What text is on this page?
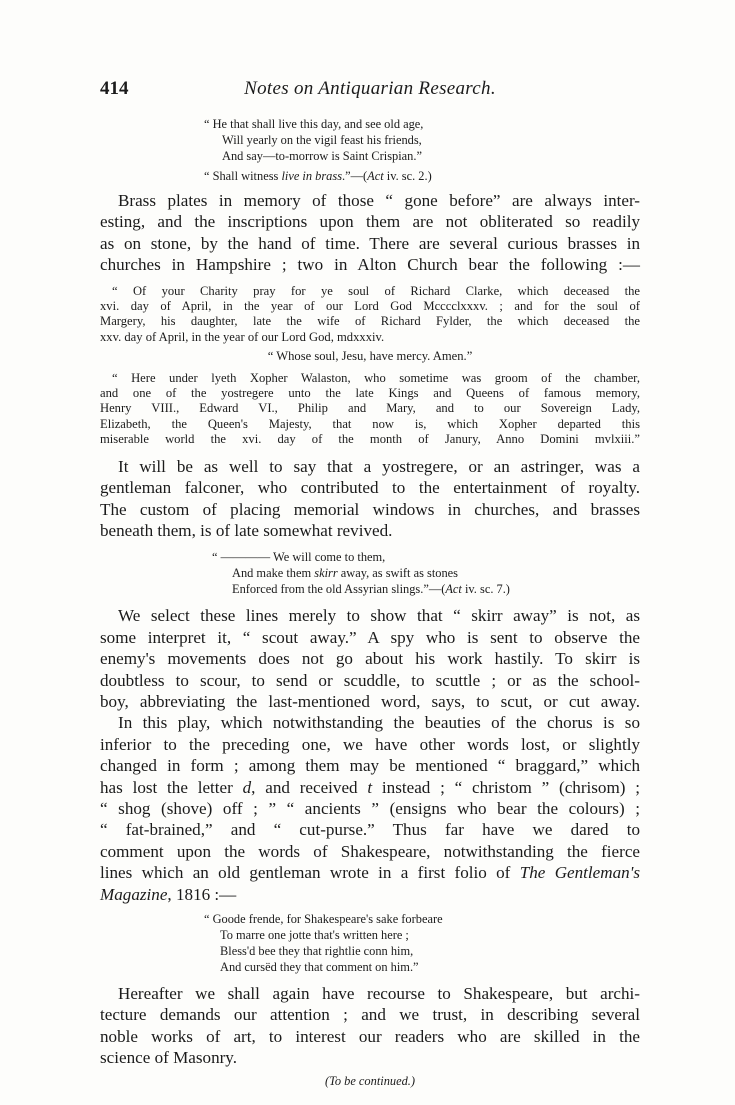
414	Notes on Antiquarian Research.
“ He that shall live this day, and see old age,
Will yearly on the vigil feast his friends,
And say—to-morrow is Saint Crispian.”
“ Shall witness live in brass.”—(Act iv. sc. 2.)
Brass plates in memory of those “ gone before” are always inter-
esting, and the inscriptions upon them are not obliterated so readily
as on stone, by the hand of time. There are several curious brasses in
churches in Hampshire ; two in Alton Church bear the following :—
“ Of your Charity pray for ye soul of Richard Clarke, which deceased the
xvi. day of April, in the year of our Lord God Mcccclxxxv. ; and for the soul of
Margery, his daughter, late the wife of Richard Fylder, the which deceased the
xxv. day of April, in the year of our Lord God, mdxxxiv.
“ Whose soul, Jesu, have mercy. Amen.”
“ Here under lyeth Xopher Walaston, who sometime was groom of the chamber,
and one of the yostregere unto the late Kings and Queens of famous memory,
Henry VIII., Edward VI., Philip and Mary, and to our Sovereign Lady,
Elizabeth, the Queen's Majesty, that now is, which Xopher departed this
miserable world the xvi. day of the month of Janury, Anno Domini mvlxiii.”
It will be as well to say that a yostregere, or an astringer, was a
gentleman falconer, who contributed to the entertainment of royalty.
The custom of placing memorial windows in churches, and brasses
beneath them, is of late somewhat revived.
“ ———— We will come to them,
And make them skirr away, as swift as stones
Enforced from the old Assyrian slings.”—(Act iv. sc. 7.)
We select these lines merely to show that “ skirr away” is not, as
some interpret it, “ scout away.” A spy who is sent to observe the
enemy's movements does not go about his work hastily. To skirr is
doubtless to scour, to send or scuddle, to scuttle ; or as the school-
boy, abbreviating the last-mentioned word, says, to scut, or cut away.
In this play, which notwithstanding the beauties of the chorus is so
inferior to the preceding one, we have other words lost, or slightly
changed in form ; among them may be mentioned “ braggard,” which
has lost the letter d, and received t instead ; “ christom ” (chrisom) ;
“ shog (shove) off ; ” “ ancients ” (ensigns who bear the colours) ;
“ fat-brained,” and “ cut-purse.” Thus far have we dared to
comment upon the words of Shakespeare, notwithstanding the fierce
lines which an old gentleman wrote in a first folio of The Gentleman's
Magazine, 1816 :—
“ Goode frende, for Shakespeare's sake forbeare
To marre one jotte that's written here ;
Bless'd bee they that rightlie conn him,
And cursëd they that comment on him.”
Hereafter we shall again have recourse to Shakespeare, but archi-
tecture demands our attention ; and we trust, in describing several
noble works of art, to interest our readers who are skilled in the
science of Masonry.
(To be continued.)
